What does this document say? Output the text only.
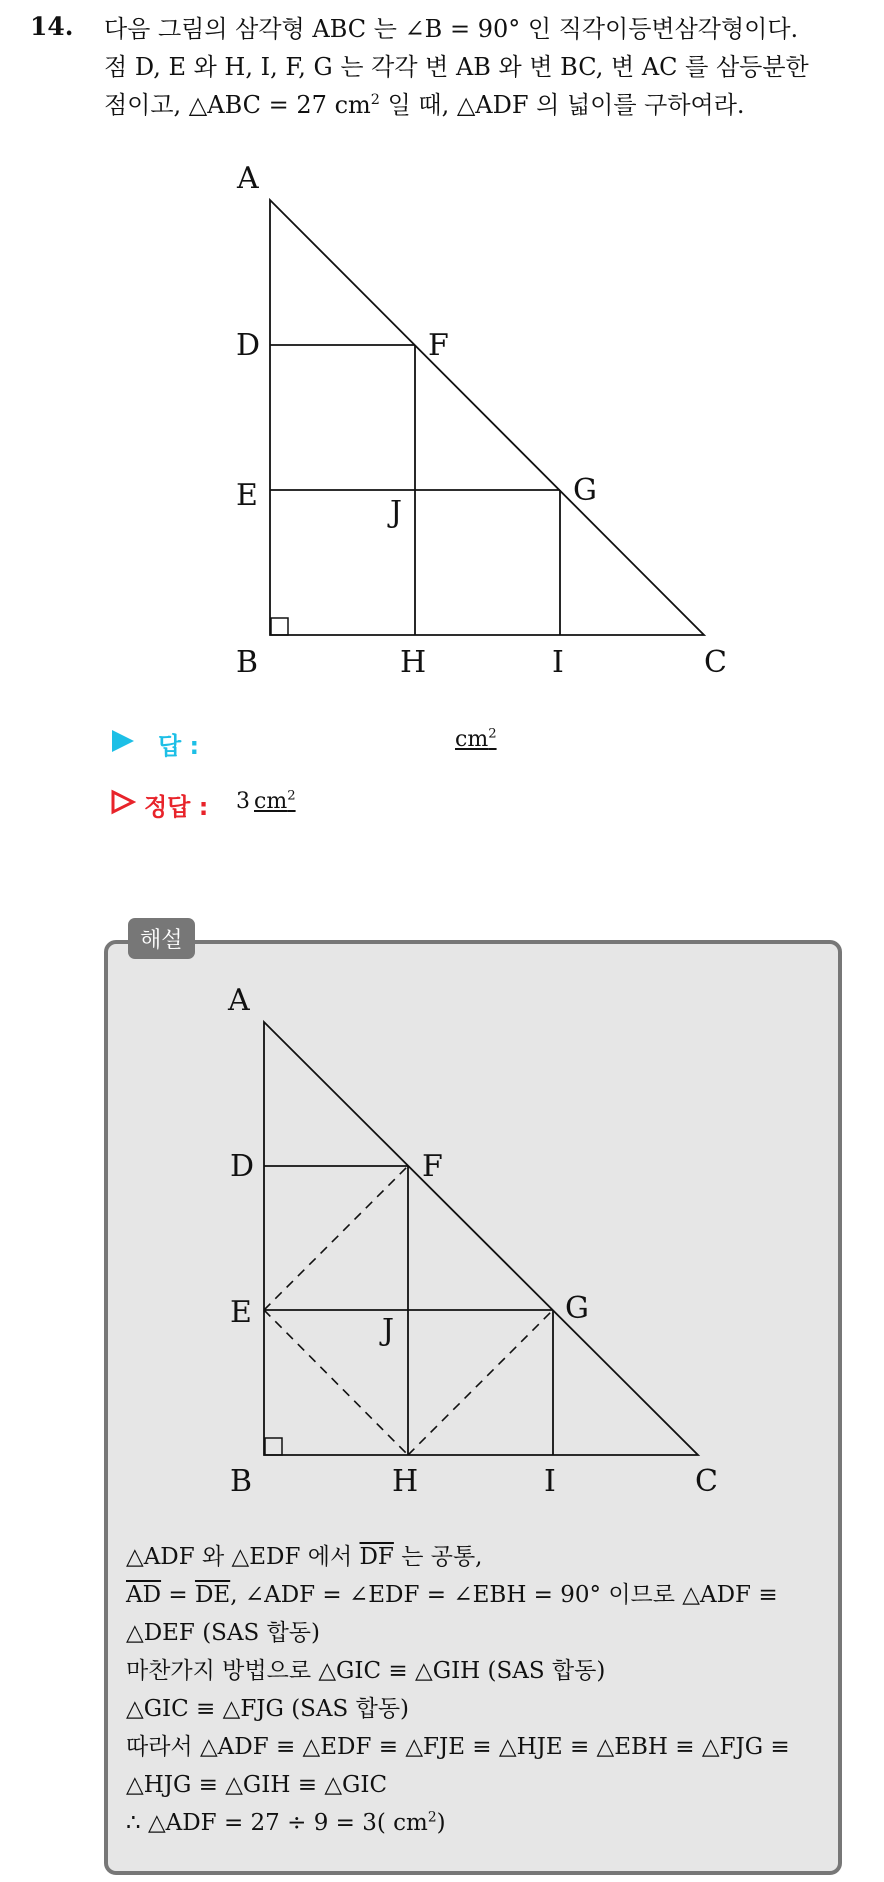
14. 다음 그림의 삼각형 ABC 는 ∠B = 90° 인 직각이등변삼각형이다.
점 D, E 와 H, I, F, G 는 각각 변 AB 와 변 BC, 변 AC 를 삼등분한
점이고, △ABC = 27 $cm^2$ 일 때, △ADF 의 넓이를 구하여라.
A
D	F
E	G
J
B	H	I	C
답 :	$cm^2$
정답 : 3 $cm^2$
해설
A
D	F
E	G
J
B	H	I	C
△ADF 와 △EDF 에서 $\overline{DF}$ 는 공통,
$\overline{AD} = \overline{DE}$, ∠ADF = ∠EDF = ∠EBH = 90° 이므로 △ADF ≡
△DEF (SAS 합동)
마찬가지 방법으로 △GIC ≡ △GIH (SAS 합동)
△GIC ≡ △FJG (SAS 합동)
따라서 △ADF ≡ △EDF ≡ △FJE ≡ △HJE ≡ △EBH ≡ △FJG ≡
△HJG ≡ △GIH ≡ △GIC
∴ △ADF = 27 ÷ 9 = 3( $cm^2$)
